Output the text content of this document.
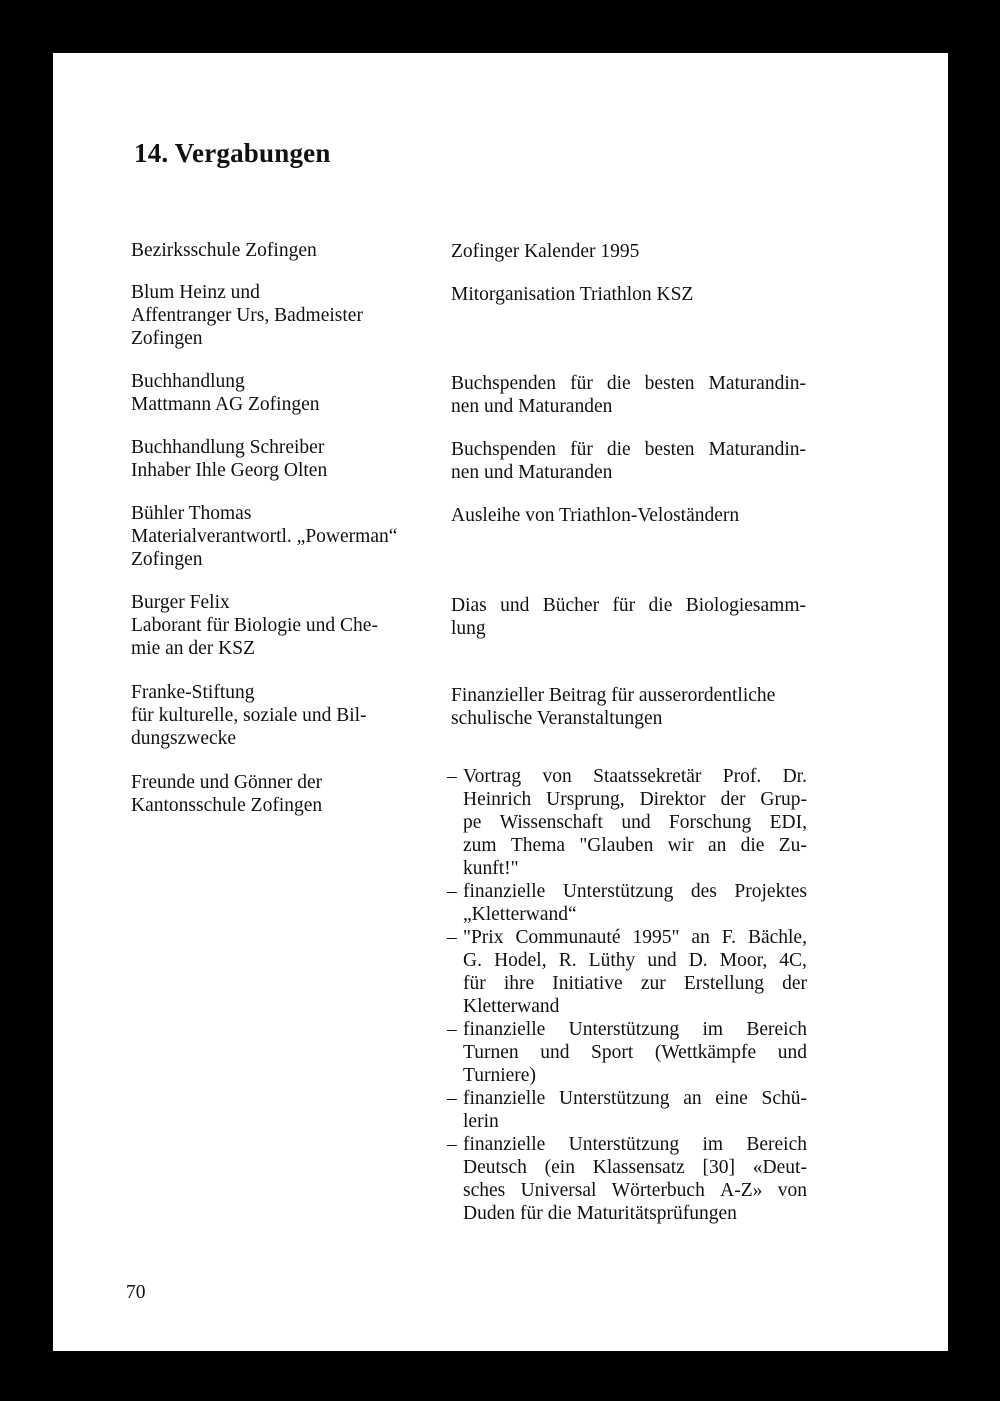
14. Vergabungen
Bezirksschule Zofingen
Blum Heinz und
Affentranger Urs, Badmeister
Zofingen
Buchhandlung
Mattmann AG Zofingen
Buchhandlung Schreiber
Inhaber Ihle Georg Olten
Bühler Thomas
Materialverantwortl. „Powerman“
Zofingen
Burger Felix
Laborant für Biologie und Che-
mie an der KSZ
Franke-Stiftung
für kulturelle, soziale und Bil-
dungszwecke
Freunde und Gönner der
Kantonsschule Zofingen
Zofinger Kalender 1995
Mitorganisation Triathlon KSZ
Buchspenden für die besten Maturandin-
nen und Maturanden
Buchspenden für die besten Maturandin-
nen und Maturanden
Ausleihe von Triathlon-Veloständern
Dias und Bücher für die Biologiesamm-
lung
Finanzieller Beitrag für ausserordentliche
schulische Veranstaltungen
– Vortrag von Staatssekretär Prof. Dr.
Heinrich Ursprung, Direktor der Grup-
pe Wissenschaft und Forschung EDI,
zum Thema "Glauben wir an die Zu-
kunft!"
– finanzielle Unterstützung des Projektes
„Kletterwand“
– "Prix Communauté 1995" an F. Bächle,
G. Hodel, R. Lüthy und D. Moor, 4C,
für ihre Initiative zur Erstellung der
Kletterwand
– finanzielle Unterstützung im Bereich
Turnen und Sport (Wettkämpfe und
Turniere)
– finanzielle Unterstützung an eine Schü-
lerin
– finanzielle Unterstützung im Bereich
Deutsch (ein Klassensatz [30] «Deut-
sches Universal Wörterbuch A-Z» von
Duden für die Maturitätsprüfungen

70
